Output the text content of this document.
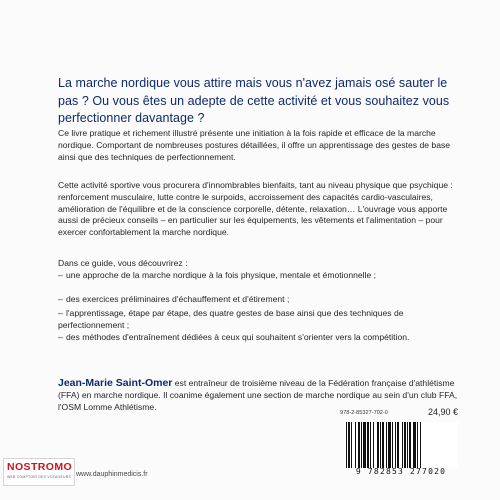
La marche nordique vous attire mais vous n'avez jamais osé sauter le pas ? Ou vous êtes un adepte de cette activité et vous souhaitez vous perfectionner davantage ?
Ce livre pratique et richement illustré présente une initiation à la fois rapide et efficace de la marche nordique. Comportant de nombreuses postures détaillées, il offre un apprentissage des gestes de base ainsi que des techniques de perfectionnement.
Cette activité sportive vous procurera d'innombrables bienfaits, tant au niveau physique que psychique : renforcement musculaire, lutte contre le surpoids, accroissement des capacités cardio-vasculaires, amélioration de l'équilibre et de la conscience corporelle, détente, relaxation… L'ouvrage vous apporte aussi de précieux conseils – en particulier sur les équipements, les vêtements et l'alimentation – pour exercer confortablement la marche nordique.
Dans ce guide, vous découvrirez :
– une approche de la marche nordique à la fois physique, mentale et émotionnelle ;
– des exercices préliminaires d'échauffement et d'étirement ;
– l'apprentissage, étape par étape, des quatre gestes de base ainsi que des techniques de perfectionnement ;
– des méthodes d'entraînement dédiées à ceux qui souhaitent s'orienter vers la compétition.
Jean-Marie Saint-Omer est entraîneur de troisième niveau de la Fédération française d'athlétisme (FFA) en marche nordique. Il coanime également une section de marche nordique au sein d'un club FFA, l'OSM Lomme Athlétisme.
978-2-85327-702-0	24,90 €
9 782853 277020
NOSTROMO
WEB COMPTOIR DES VOYAGEURS www.dauphinmedicis.fr
